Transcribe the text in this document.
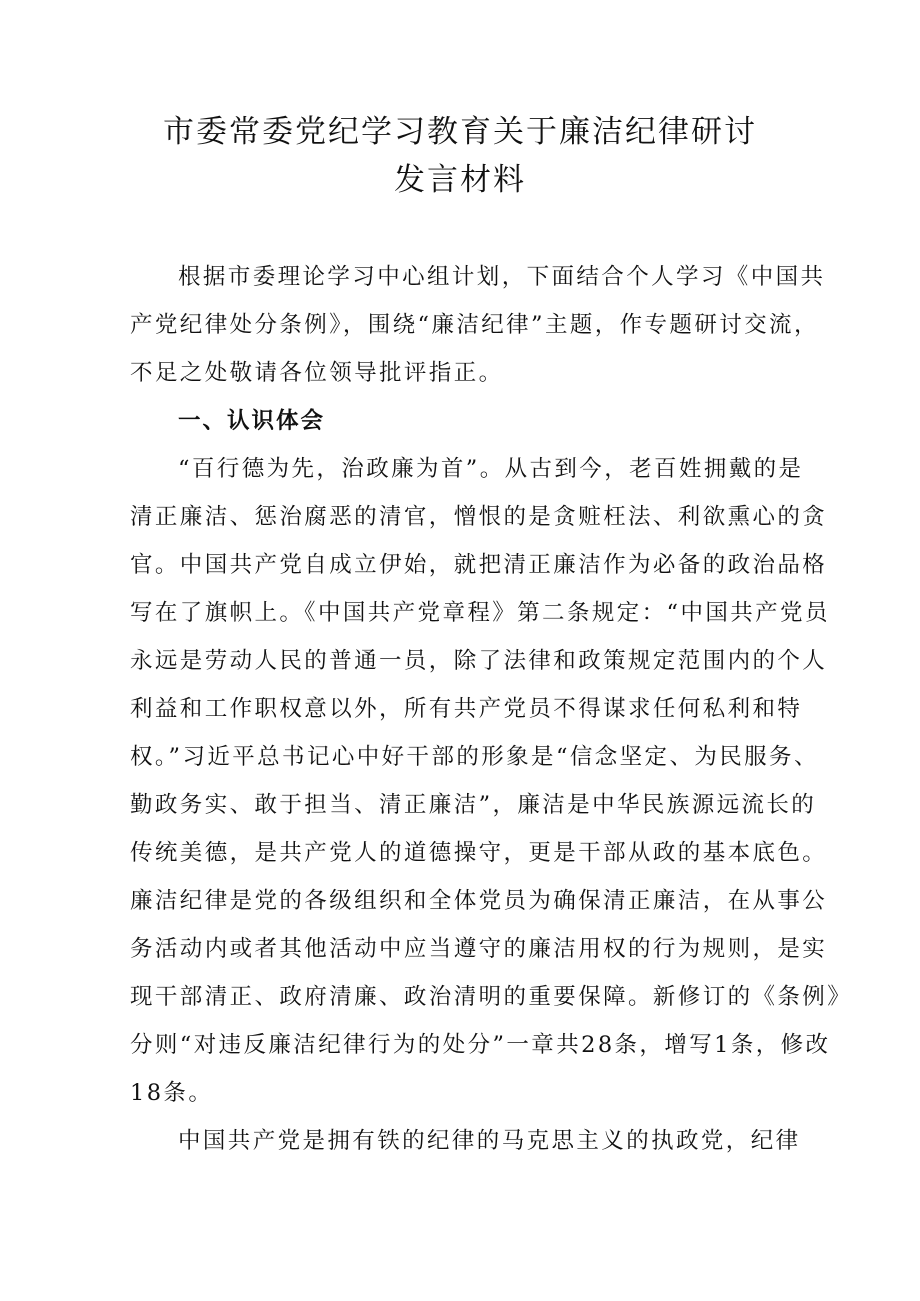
市委常委党纪学习教育关于廉洁纪律研讨
发言材料

根据市委理论学习中心组计划，下面结合个人学习《中国共

产党纪律处分条例》，围绕“廉洁纪律”主题，作专题研讨交流，

不足之处敬请各位领导批评指正。

一、认识体会

“百行德为先，治政廉为首”。从古到今，老百姓拥戴的是

清正廉洁、惩治腐恶的清官，憎恨的是贪赃枉法、利欲熏心的贪

官。中国共产党自成立伊始，就把清正廉洁作为必备的政治品格

写在了旗帜上。《中国共产党章程》第二条规定：“中国共产党员

永远是劳动人民的普通一员，除了法律和政策规定范围内的个人

利益和工作职权意以外，所有共产党员不得谋求任何私利和特

权。”习近平总书记心中好干部的形象是“信念坚定、为民服务、

勤政务实、敢于担当、清正廉洁”，廉洁是中华民族源远流长的

传统美德，是共产党人的道德操守，更是干部从政的基本底色。

廉洁纪律是党的各级组织和全体党员为确保清正廉洁，在从事公

务活动内或者其他活动中应当遵守的廉洁用权的行为规则，是实

现干部清正、政府清廉、政治清明的重要保障。新修订的《条例》

分则“对违反廉洁纪律行为的处分”一章共28条，增写1条，修改

18条。

中国共产党是拥有铁的纪律的马克思主义的执政党，纪律
